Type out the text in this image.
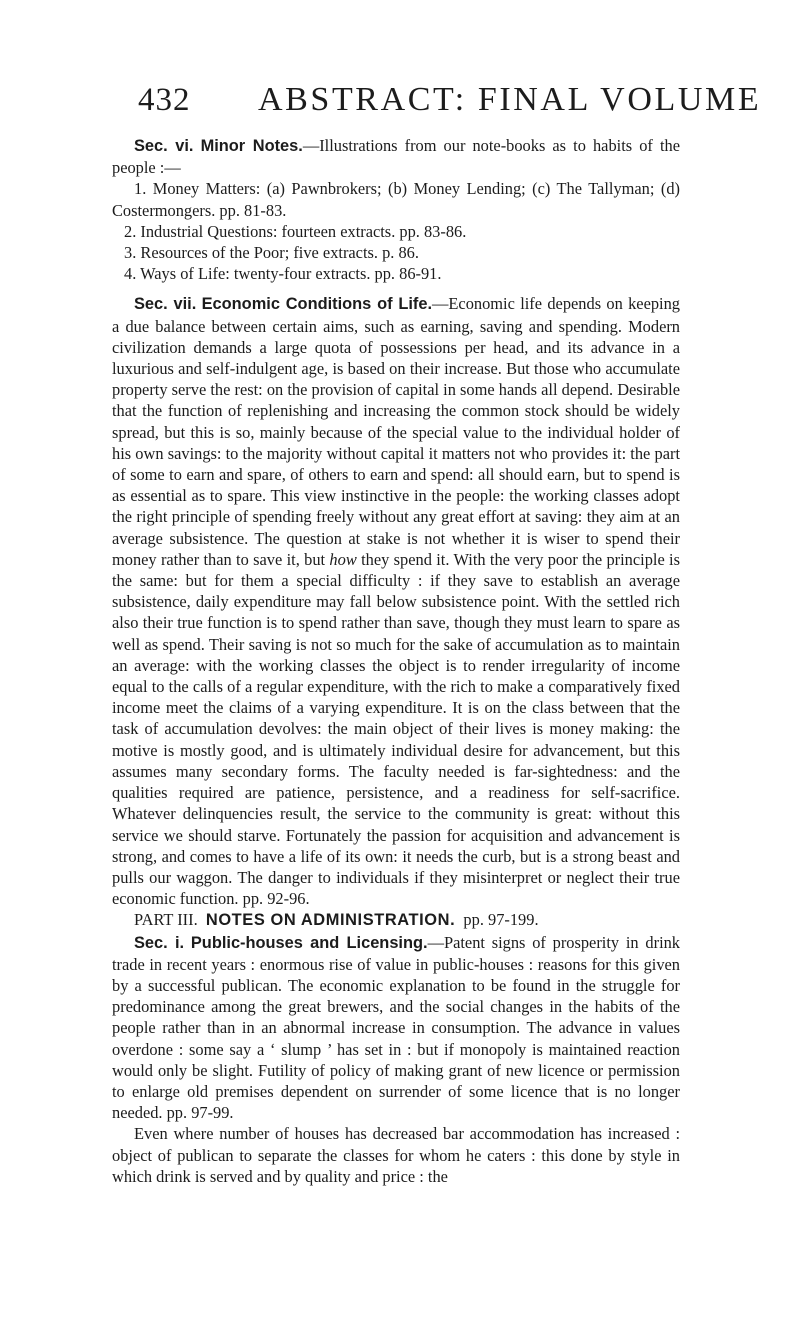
432 ABSTRACT: FINAL VOLUME

Sec. vi. Minor Notes.—Illustrations from our note-books as to habits of the people :—

1. Money Matters: (a) Pawnbrokers; (b) Money Lending; (c) The Tallyman; (d) Costermongers. pp. 81-83.

2. Industrial Questions: fourteen extracts. pp. 83-86.

3. Resources of the Poor; five extracts. p. 86.

4. Ways of Life: twenty-four extracts. pp. 86-91.

Sec. vii. Economic Conditions of Life.—Economic life depends on keeping a due balance between certain aims, such as earning, saving and spending. Modern civilization demands a large quota of possessions per head, and its advance in a luxurious and self-indulgent age, is based on their increase. But those who accumulate property serve the rest: on the provision of capital in some hands all depend. Desirable that the function of replenishing and increasing the common stock should be widely spread, but this is so, mainly because of the special value to the individual holder of his own savings: to the majority without capital it matters not who provides it: the part of some to earn and spare, of others to earn and spend: all should earn, but to spend is as essential as to spare. This view instinctive in the people: the working classes adopt the right principle of spending freely without any great effort at saving: they aim at an average subsistence. The question at stake is not whether it is wiser to spend their money rather than to save it, but how they spend it. With the very poor the principle is the same: but for them a special difficulty : if they save to establish an average subsistence, daily expenditure may fall below subsistence point. With the settled rich also their true function is to spend rather than save, though they must learn to spare as well as spend. Their saving is not so much for the sake of accumulation as to maintain an average: with the working classes the object is to render irregularity of income equal to the calls of a regular expenditure, with the rich to make a comparatively fixed income meet the claims of a varying expenditure. It is on the class between that the task of accumulation devolves: the main object of their lives is money making: the motive is mostly good, and is ultimately individual desire for advancement, but this assumes many secondary forms. The faculty needed is far-sightedness: and the qualities required are patience, persistence, and a readiness for self-sacrifice. Whatever delinquencies result, the service to the community is great: without this service we should starve. Fortunately the passion for acquisition and advancement is strong, and comes to have a life of its own: it needs the curb, but is a strong beast and pulls our waggon. The danger to individuals if they misinterpret or neglect their true economic function. pp. 92-96.

PART III. NOTES ON ADMINISTRATION. pp. 97-199.

Sec. i. Public-houses and Licensing.—Patent signs of prosperity in drink trade in recent years : enormous rise of value in public-houses : reasons for this given by a successful publican. The economic explanation to be found in the struggle for predominance among the great brewers, and the social changes in the habits of the people rather than in an abnormal increase in consumption. The advance in values overdone : some say a ‘ slump ’ has set in : but if monopoly is maintained reaction would only be slight. Futility of policy of making grant of new licence or permission to enlarge old premises dependent on surrender of some licence that is no longer needed. pp. 97-99.

Even where number of houses has decreased bar accommodation has increased : object of publican to separate the classes for whom he caters : this done by style in which drink is served and by quality and price : the
